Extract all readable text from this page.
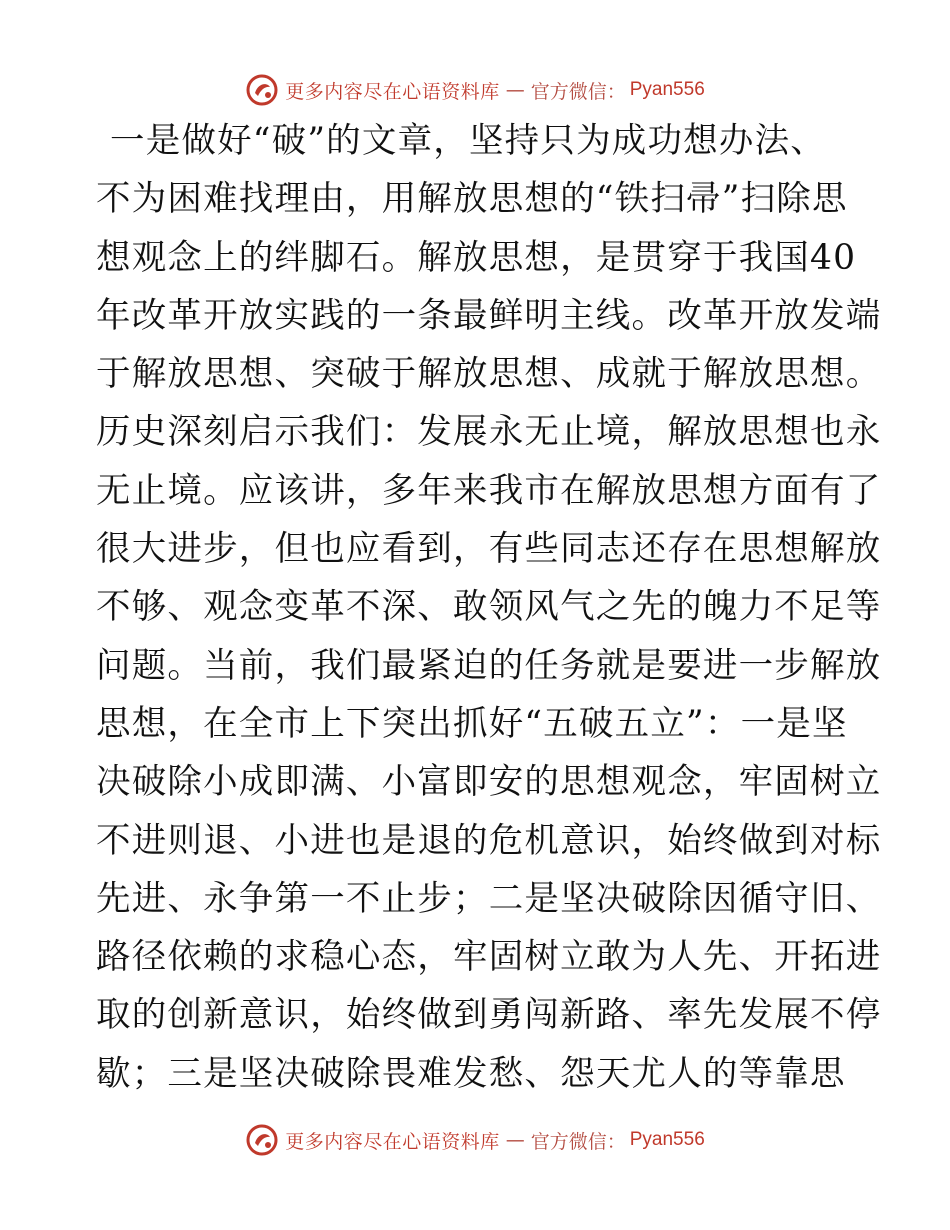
更多内容尽在心语资料库 — 官方微信： Pyan556
一是做好“破”的文章，坚持只为成功想办法、
不为困难找理由，用解放思想的“铁扫帚”扫除思
想观念上的绊脚石。解放思想，是贯穿于我国40
年改革开放实践的一条最鲜明主线。改革开放发端
于解放思想、突破于解放思想、成就于解放思想。
历史深刻启示我们：发展永无止境，解放思想也永
无止境。应该讲，多年来我市在解放思想方面有了
很大进步，但也应看到，有些同志还存在思想解放
不够、观念变革不深、敢领风气之先的魄力不足等
问题。当前，我们最紧迫的任务就是要进一步解放
思想，在全市上下突出抓好“五破五立”：一是坚
决破除小成即满、小富即安的思想观念，牢固树立
不进则退、小进也是退的危机意识，始终做到对标
先进、永争第一不止步；二是坚决破除因循守旧、
路径依赖的求稳心态，牢固树立敢为人先、开拓进
取的创新意识，始终做到勇闯新路、率先发展不停
歇；三是坚决破除畏难发愁、怨天尤人的等靠思
更多内容尽在心语资料库 — 官方微信： Pyan556
